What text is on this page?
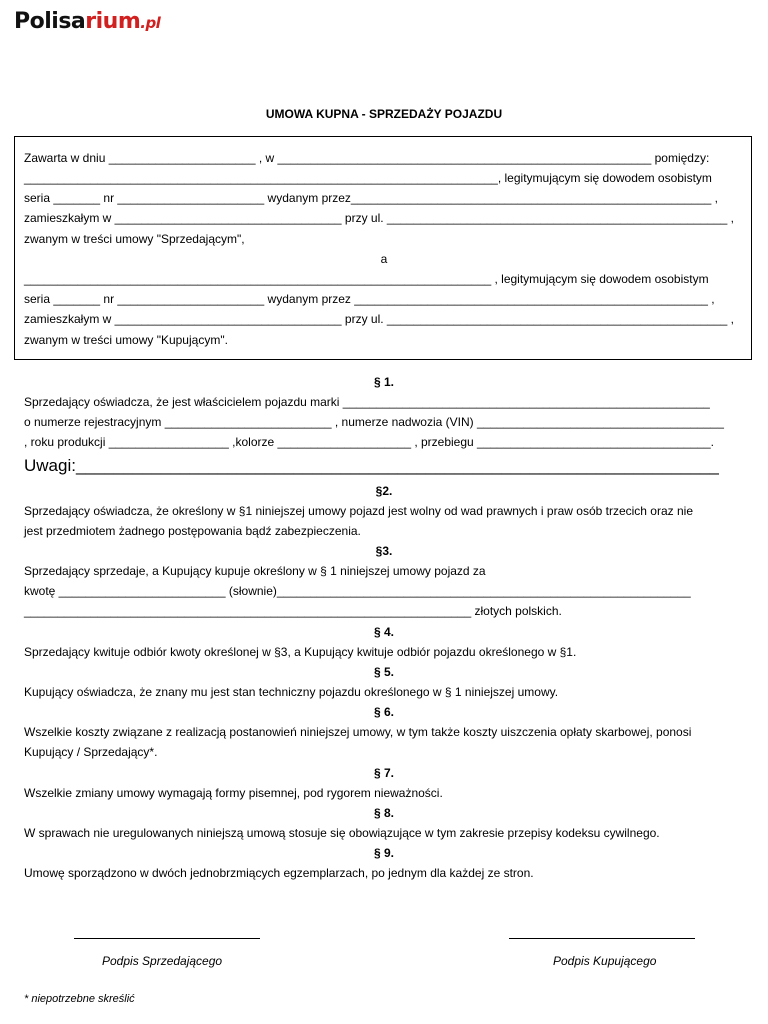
Polisarium.pl
UMOWA KUPNA - SPRZEDAŻY POJAZDU
Zawarta w dniu ______________________ , w ________________________________________________________ pomiędzy:
_______________________________________________________________________, legitymującym się dowodem osobistym
seria _______ nr ______________________ wydanym przez______________________________________________________ ,
zamieszkałym w __________________________________ przy ul. ___________________________________________________ ,
zwanym w treści umowy "Sprzedającym",
a
______________________________________________________________________ , legitymującym się dowodem osobistym
seria _______ nr ______________________ wydanym przez _____________________________________________________ ,
zamieszkałym w __________________________________ przy ul. ___________________________________________________ ,
zwanym w treści umowy "Kupującym".
§ 1.
Sprzedający oświadcza, że jest właścicielem pojazdu marki _______________________________________________________
o numerze rejestracyjnym _________________________ , numerze nadwozia (VIN) _____________________________________
, roku produkcji __________________ ,kolorze ____________________ , przebiegu ___________________________________.
Uwagi:____________________________________________________________________
§2.
Sprzedający oświadcza, że określony w §1 niniejszej umowy pojazd jest wolny od wad prawnych i praw osób trzecich oraz nie
jest przedmiotem żadnego postępowania bądź zabezpieczenia.
§3.
Sprzedający sprzedaje, a Kupujący kupuje określony w § 1 niniejszej umowy pojazd za
kwotę _________________________ (słownie)______________________________________________________________
___________________________________________________________________ złotych polskich.
§ 4.
Sprzedający kwituje odbiór kwoty określonej w §3, a Kupujący kwituje odbiór pojazdu określonego w §1.
§ 5.
Kupujący oświadcza, że znany mu jest stan techniczny pojazdu określonego w § 1 niniejszej umowy.
§ 6.
Wszelkie koszty związane z realizacją postanowień niniejszej umowy, w tym także koszty uiszczenia opłaty skarbowej, ponosi
Kupujący / Sprzedający*.
§ 7.
Wszelkie zmiany umowy wymagają formy pisemnej, pod rygorem nieważności.
§ 8.
W sprawach nie uregulowanych niniejszą umową stosuje się obowiązujące w tym zakresie przepisy kodeksu cywilnego.
§ 9.
Umowę sporządzono w dwóch jednobrzmiących egzemplarzach, po jednym dla każdej ze stron.
Podpis Sprzedającego	Podpis Kupującego
* niepotrzebne skreślić
